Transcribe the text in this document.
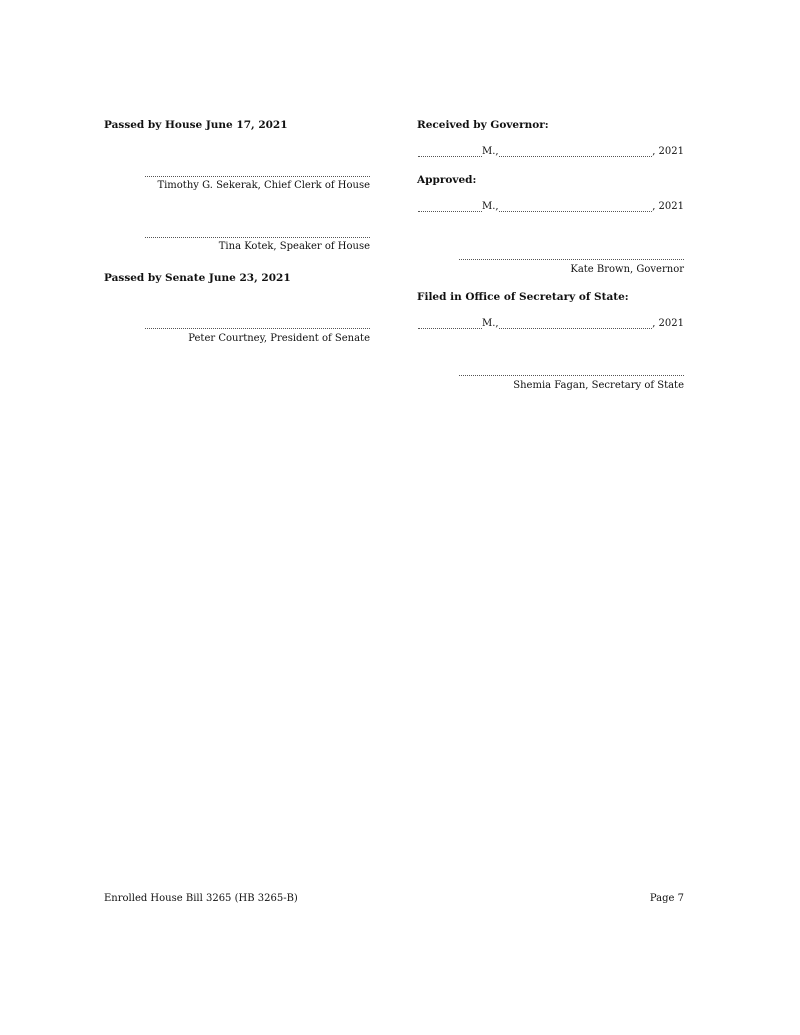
Passed by House June 17, 2021
Timothy G. Sekerak, Chief Clerk of House
Tina Kotek, Speaker of House
Passed by Senate June 23, 2021
Peter Courtney, President of Senate
Received by Governor:
M.,	, 2021
Approved:
M.,	, 2021
Kate Brown, Governor
Filed in Office of Secretary of State:
M.,	, 2021
Shemia Fagan, Secretary of State
Enrolled House Bill 3265 (HB 3265-B)	Page 7
